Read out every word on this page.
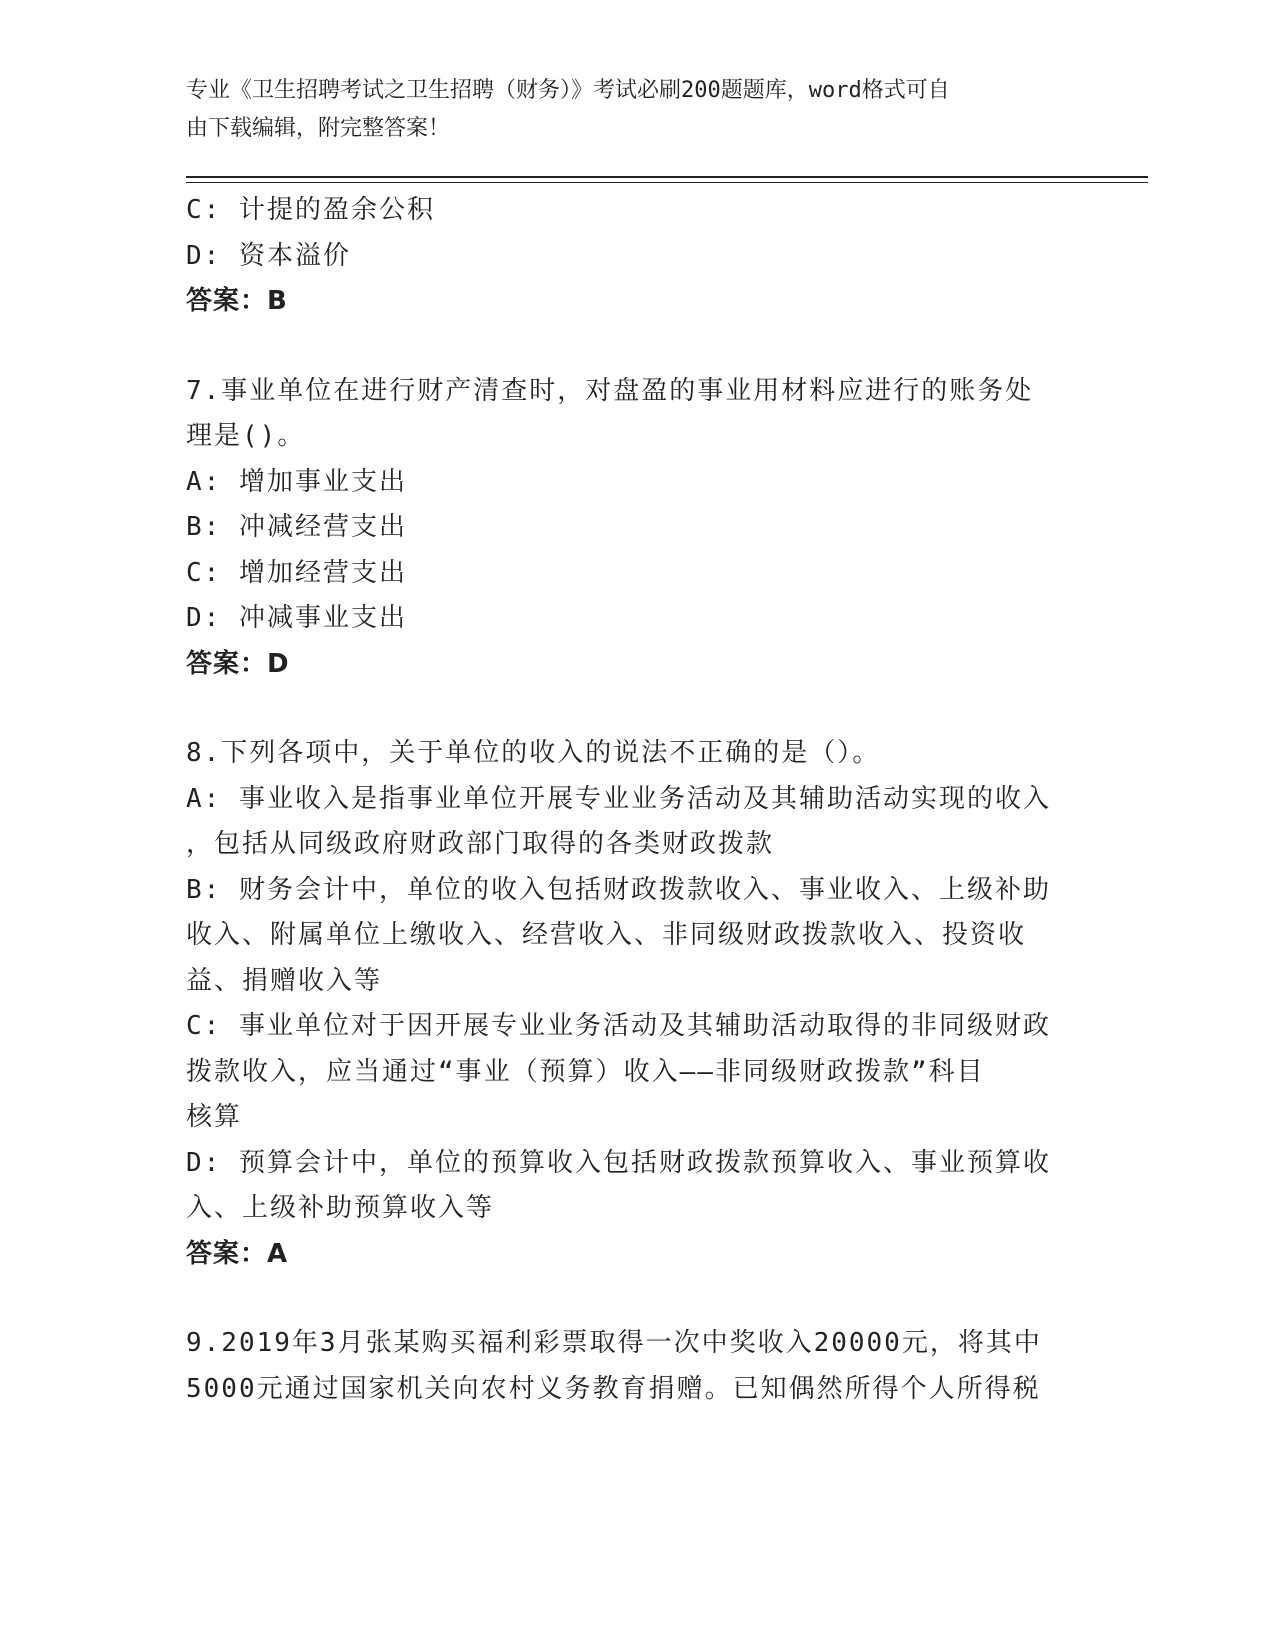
专业《卫生招聘考试之卫生招聘（财务）》考试必刷200题题库，word格式可自
由下载编辑，附完整答案！
C: 计提的盈余公积
D: 资本溢价
答案：B
7.事业单位在进行财产清查时，对盘盈的事业用材料应进行的账务处
理是()。
A: 增加事业支出
B: 冲减经营支出
C: 增加经营支出
D: 冲减事业支出
答案：D
8.下列各项中，关于单位的收入的说法不正确的是（）。
A: 事业收入是指事业单位开展专业业务活动及其辅助活动实现的收入
，包括从同级政府财政部门取得的各类财政拨款
B: 财务会计中，单位的收入包括财政拨款收入、事业收入、上级补助
收入、附属单位上缴收入、经营收入、非同级财政拨款收入、投资收
益、捐赠收入等
C: 事业单位对于因开展专业业务活动及其辅助活动取得的非同级财政
拨款收入，应当通过“事业（预算）收入——非同级财政拨款”科目
核算
D: 预算会计中，单位的预算收入包括财政拨款预算收入、事业预算收
入、上级补助预算收入等
答案：A
9.2019年3月张某购买福利彩票取得一次中奖收入20000元，将其中
5000元通过国家机关向农村义务教育捐赠。已知偶然所得个人所得税
